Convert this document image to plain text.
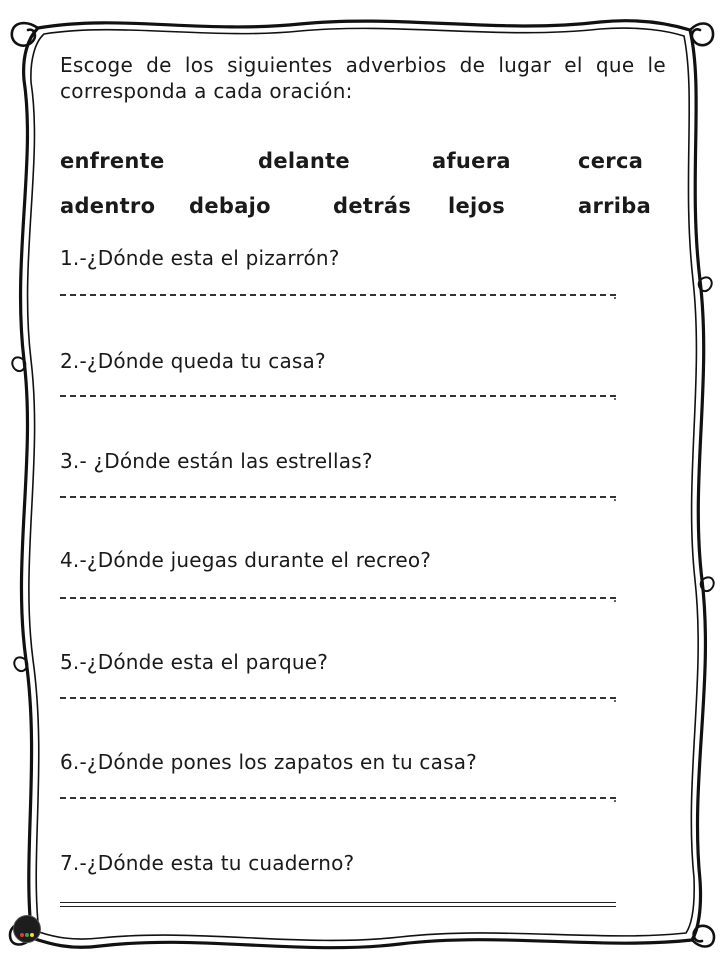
Escoge de los siguientes adverbios de lugar el que le corresponda a cada oración:
enfrente	delante	afuera	cerca
adentro debajo	detrás lejos	arriba
1.-¿Dónde esta el pizarrón?
2.-¿Dónde queda tu casa?
3.- ¿Dónde están las estrellas?
4.-¿Dónde juegas durante el recreo?
5.-¿Dónde esta el parque?
6.-¿Dónde pones los zapatos en tu casa?
7.-¿Dónde esta tu cuaderno?
